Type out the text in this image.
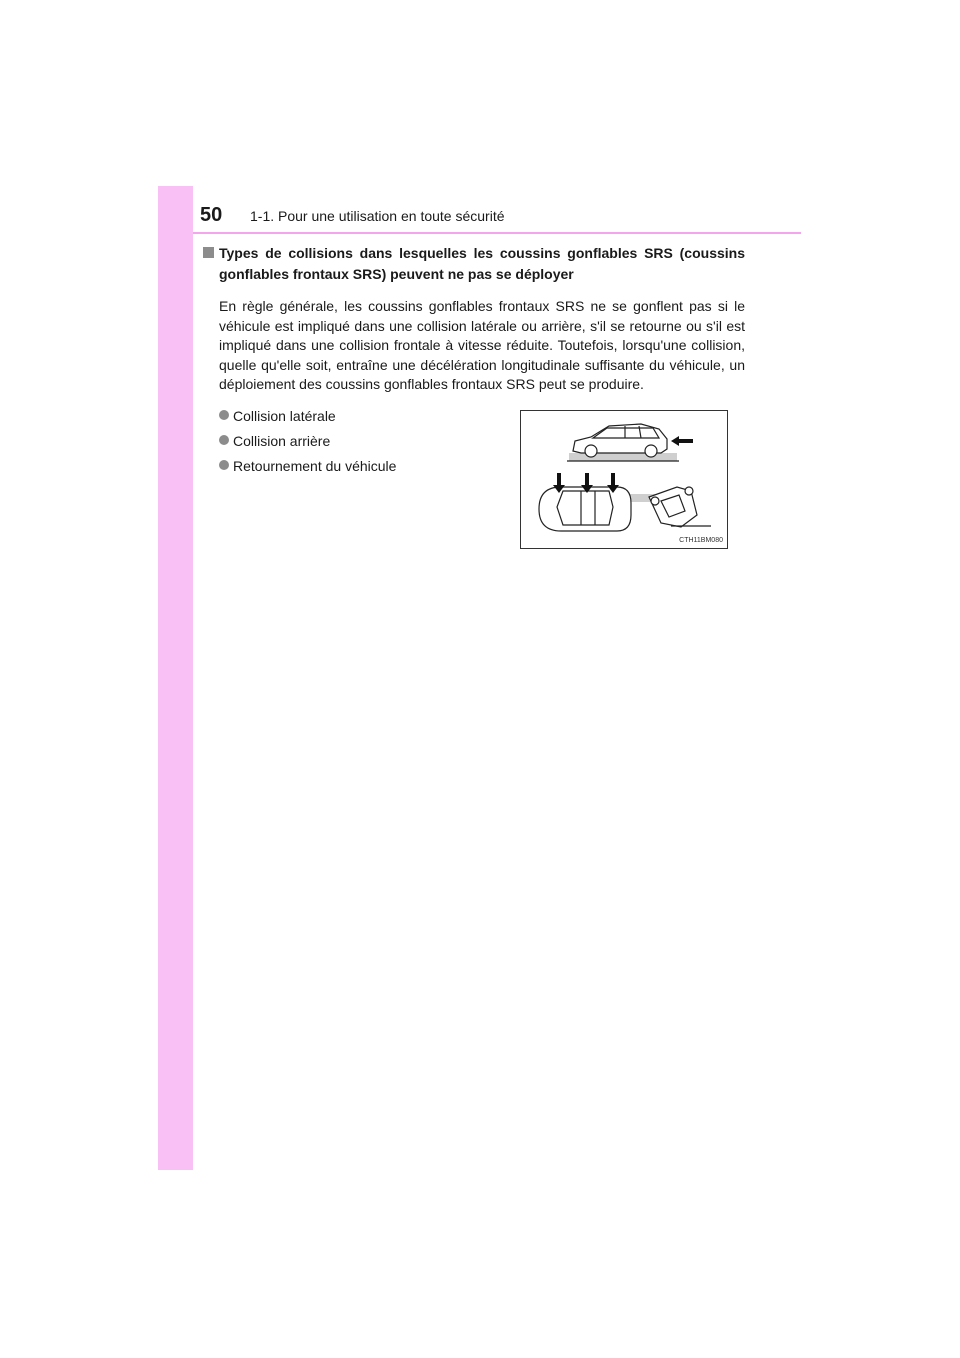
50 1-1. Pour une utilisation en toute sécurité
Types de collisions dans lesquelles les coussins gonflables SRS (coussins gonflables frontaux SRS) peuvent ne pas se déployer

En règle générale, les coussins gonflables frontaux SRS ne se gonflent pas si le véhicule est impliqué dans une collision latérale ou arrière, s'il se retourne ou s'il est impliqué dans une collision frontale à vitesse réduite. Toutefois, lorsqu'une collision, quelle qu'elle soit, entraîne une décélération longitudinale suffisante du véhicule, un déploiement des coussins gonflables frontaux SRS peut se produire.

Collision latérale
Collision arrière
Retournement du véhicule
CTH11BM080
